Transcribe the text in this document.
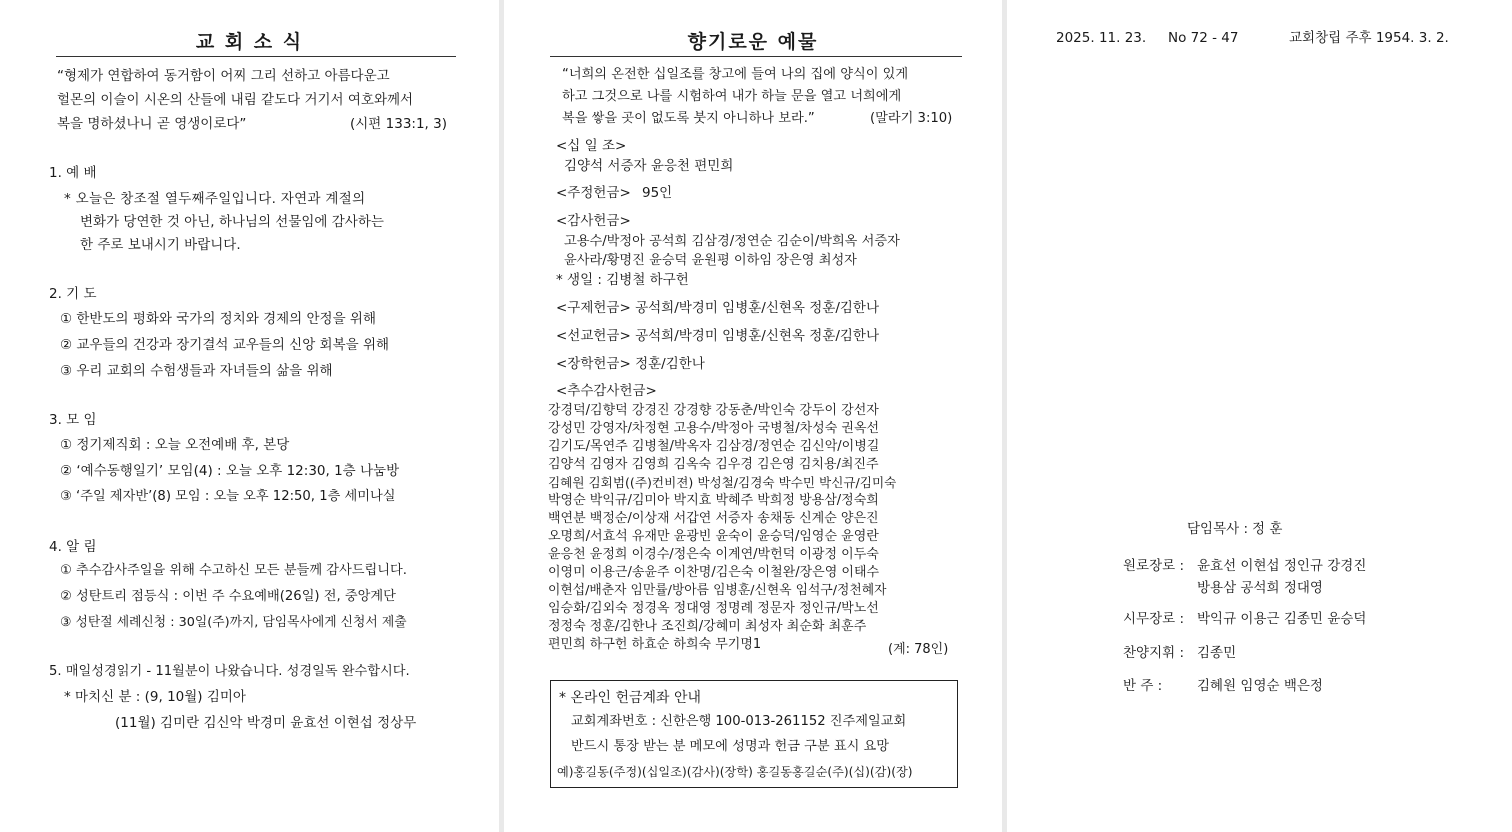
교 회 소 식
“형제가 연합하여 동거함이 어찌 그리 선하고 아름다운고
헐몬의 이슬이 시온의 산들에 내림 같도다 거기서 여호와께서
복을 명하셨나니 곧 영생이로다”	(시편 133:1, 3)
1. 예 배
* 오늘은 창조절 열두째주일입니다. 자연과 계절의
변화가 당연한 것 아닌, 하나님의 선물임에 감사하는
한 주로 보내시기 바랍니다.
2. 기 도
① 한반도의 평화와 국가의 정치와 경제의 안정을 위해
② 교우들의 건강과 장기결석 교우들의 신앙 회복을 위해
③ 우리 교회의 수험생들과 자녀들의 삶을 위해
3. 모 임
① 정기제직회 : 오늘 오전예배 후, 본당
② ‘예수동행일기’ 모임(4) : 오늘 오후 12:30, 1층 나눔방
③ ‘주일 제자반’(8) 모임 : 오늘 오후 12:50, 1층 세미나실
4. 알 림
① 추수감사주일을 위해 수고하신 모든 분들께 감사드립니다.
② 성탄트리 점등식 : 이번 주 수요예배(26일) 전, 중앙계단
③ 성탄절 세례신청 : 30일(주)까지, 담임목사에게 신청서 제출
5. 매일성경읽기 - 11월분이 나왔습니다. 성경일독 완수합시다.
* 마치신 분 : (9, 10월) 김미아
(11월) 김미란 김신악 박경미 윤효선 이현섭 정상무
향기로운 예물
“너희의 온전한 십일조를 창고에 들여 나의 집에 양식이 있게
하고 그것으로 나를 시험하여 내가 하늘 문을 열고 너희에게
복을 쌓을 곳이 없도록 붓지 아니하나 보라.”	(말라기 3:10)
<십 일 조>
김양석 서증자 윤응천 편민희
<주정헌금> 95인
<감사헌금>
고용수/박정아 공석희 김삼경/정연순 김순이/박희옥 서증자
윤사라/황명진 윤승덕 윤원평 이하임 장은영 최성자
* 생일 : 김병철 하구헌
<구제헌금> 공석희/박경미 임병훈/신현옥 정훈/김한나
<선교헌금> 공석희/박경미 임병훈/신현옥 정훈/김한나
<장학헌금> 정훈/김한나
<추수감사헌금>
강경덕/김향덕 강경진 강경향 강동춘/박인숙 강두이 강선자
강성민 강영자/차정현 고용수/박정아 국병철/차성숙 권옥선
김기도/목연주 김병철/박옥자 김삼경/정연순 김신악/이병길
김양석 김영자 김영희 김옥숙 김우경 김은영 김치용/최진주
김혜원 김회범((주)컨비젼) 박성철/김경숙 박수민 박신규/김미숙
박영순 박익규/김미아 박지효 박혜주 박희정 방용삼/정숙희
백연분 백정순/이상재 서갑연 서증자 송채동 신계순 양은진
오명희/서효석 유재만 윤광빈 윤숙이 윤승덕/임영순 윤영란
윤응천 윤정희 이경수/정은숙 이계연/박헌덕 이광정 이두숙
이영미 이용근/송윤주 이찬명/김은숙 이철완/장은영 이태수
이현섭/배춘자 임만률/방아름 임병훈/신현옥 임석구/정천혜자
임승화/김외숙 정경옥 정대영 정명례 정문자 정인규/박노선
정정숙 정훈/김한나 조진희/강혜미 최성자 최순화 최훈주
편민희 하구헌 하효순 하희숙 무기명1	(계: 78인)
* 온라인 헌금계좌 안내
교회계좌번호 : 신한은행 100-013-261152 진주제일교회
반드시 통장 받는 분 메모에 성명과 헌금 구분 표시 요망
예)홍길동(주정)(십일조)(감사)(장학) 홍길동홍길순(주)(십)(감)(장)
2025. 11. 23. No 72 - 47	교회창립 주후 1954. 3. 2.
담임목사 : 정 훈
원로장로 : 윤효선 이현섭 정인규 강경진
방용삼 공석희 정대영
시무장로 : 박익규 이용근 김종민 윤승덕
찬양지휘 : 김종민
반 주 :	김혜원 임영순 백은정
